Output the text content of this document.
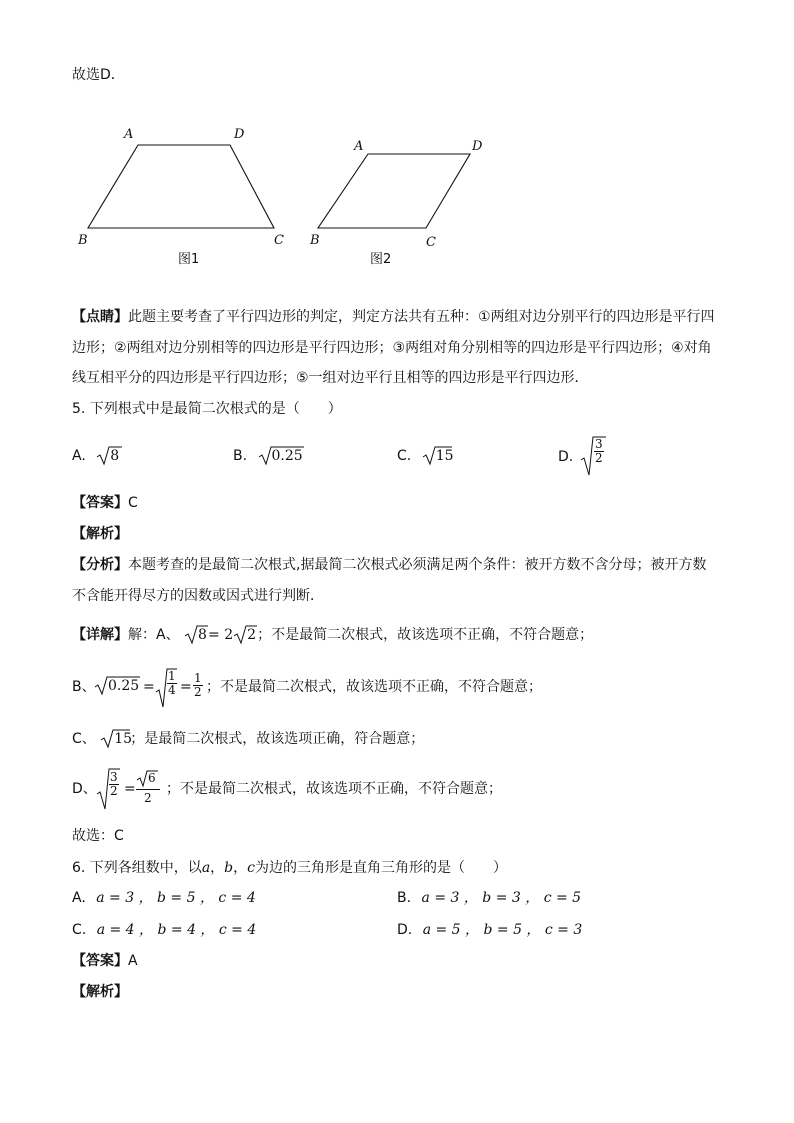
故选D．
A	D
B	C
A	D
B	C
图1	图2
【点睛】此题主要考查了平行四边形的判定，判定方法共有五种：①两组对边分别平行的四边形是平行四
边形；②两组对边分别相等的四边形是平行四边形；③两组对角分别相等的四边形是平行四边形；④对角
线互相平分的四边形是平行四边形；⑤一组对边平行且相等的四边形是平行四边形．
5. 下列根式中是最简二次根式的是（　　）
A. 8	B. 0.25	C. 15	D. $\frac{3}{2}$
【答案】C
【解析】
【分析】本题考查的是最简二次根式,据最简二次根式必须满足两个条件：被开方数不含分母；被开方数
不含能开得尽方的因数或因式进行判断．
【详解】解：A、 8 = 2 2 ；不是最简二次根式，故该选项不正确，不符合题意；
B、 $0.25 = \frac{1}{4} = \frac{1}{2}$ ；不是最简二次根式，故该选项不正确，不符合题意；
C、 15
；是最简二次根式，故该选项正确，符合题意；
D、 $\frac{3}{2}$ =
6
2
；不是最简二次根式，故该选项不正确，不符合题意；
故选：C
6. 下列各组数中，以a，b，c为边的三角形是直角三角形的是（　　）
A. a = 3 ， b = 5 ， c = 4	B. a = 3 ， b = 3 ， c = 5
C. a = 4 ， b = 4 ， c = 4	D. a = 5 ， b = 5 ， c = 3
【答案】A
【解析】
